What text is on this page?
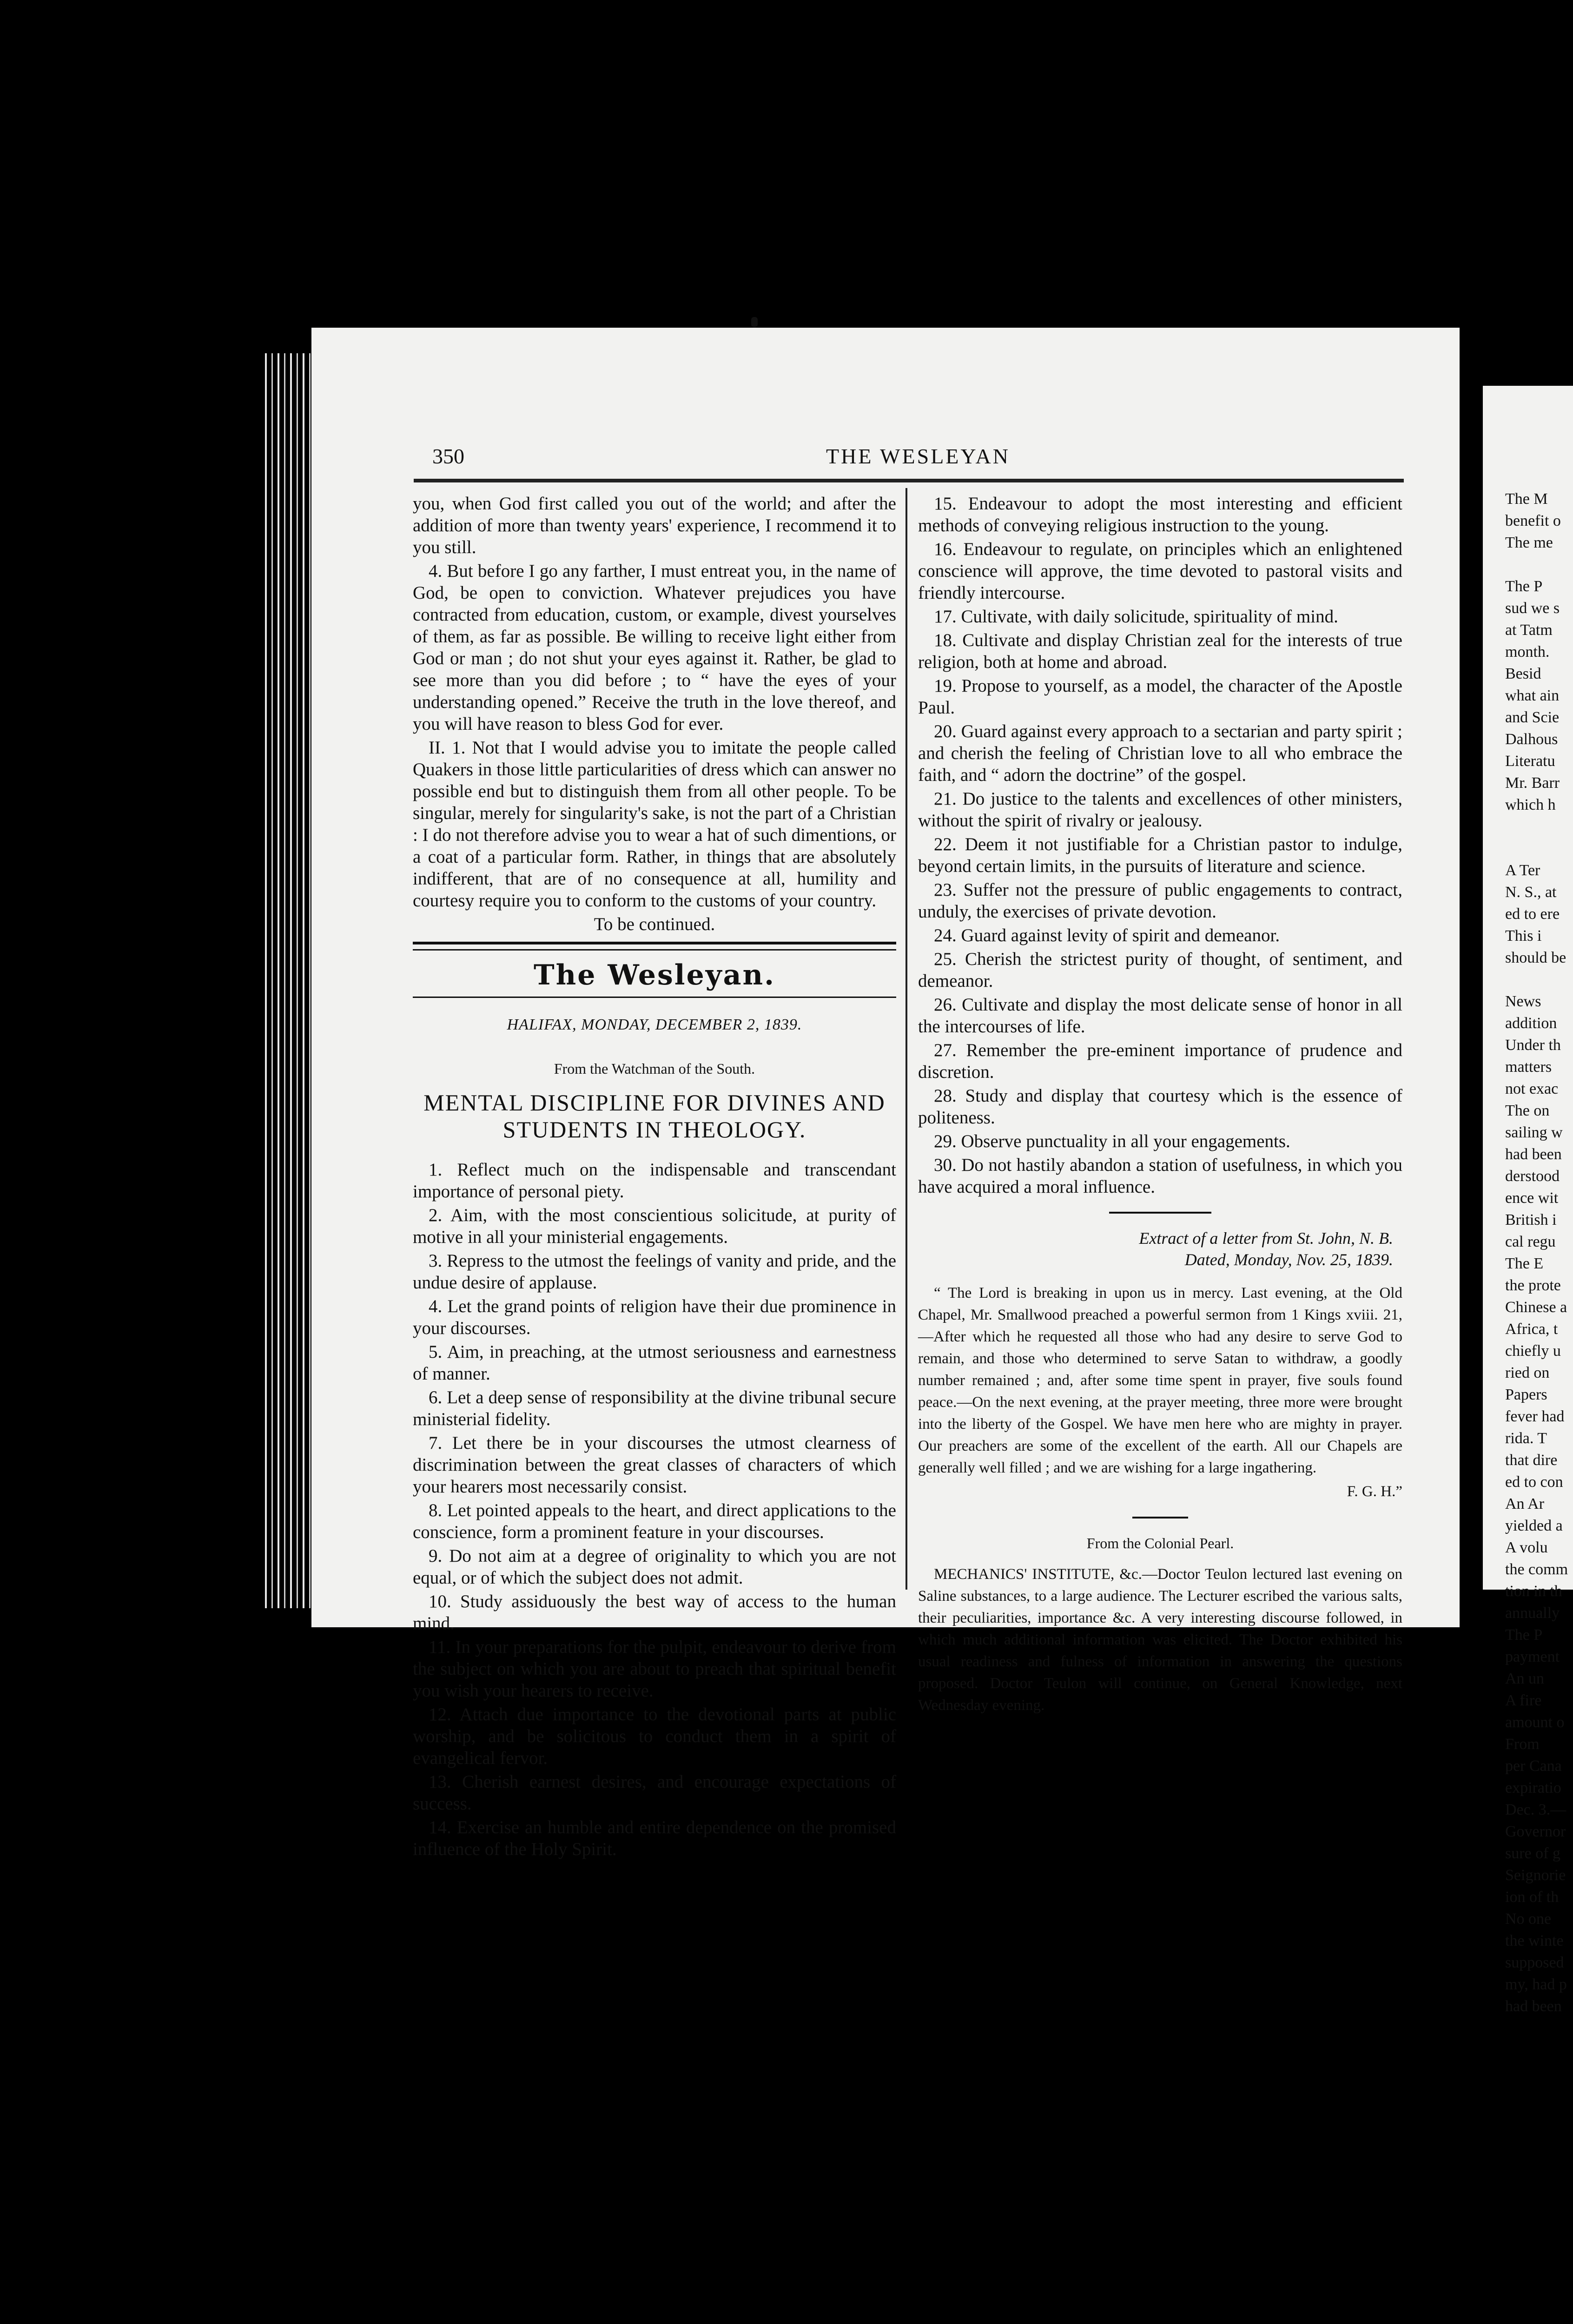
The M
benefit o
The me

The P
sud we s
at Tatm
month.
Besid
what ain
and Scie
Dalhous
Literatu
Mr. Barr
which h

A Ter
N. S., at
ed to ere
This i
should be

News
addition
Under th
matters
not exac
The on
sailing w
had been
derstood
ence wit
British i
cal regu
The E
the prote
Chinese a
Africa, t
chiefly u
ried on
Papers
fever had
rida. T
that dire
ed to con
An Ar
yielded a
A volu
the comm
tion in th
annually
The P
payment
An un
A fire
amount o
From
per Cana
expiratio
Dec. 3.—
Governor
sure of g
Seignorie
ion of th
No one
the winte
supposed
my, had p
had been
350	THE WESLEYAN

you, when God first called you out of the world; and after the addition of more than twenty years' experience, I recommend it to you still.

4. But before I go any farther, I must entreat you, in the name of God, be open to conviction. Whatever prejudices you have contracted from education, custom, or example, divest yourselves of them, as far as possible. Be willing to receive light either from God or man ; do not shut your eyes against it. Rather, be glad to see more than you did before ; to “ have the eyes of your understanding opened.” Receive the truth in the love thereof, and you will have reason to bless God for ever.

II. 1. Not that I would advise you to imitate the people called Quakers in those little particularities of dress which can answer no possible end but to distinguish them from all other people. To be singular, merely for singularity's sake, is not the part of a Christian : I do not therefore advise you to wear a hat of such dimentions, or a coat of a particular form. Rather, in things that are absolutely indifferent, that are of no consequence at all, humility and courtesy require you to conform to the customs of your country.

To be continued.

The Wesleyan.
HALIFAX, MONDAY, DECEMBER 2, 1839.
From the Watchman of the South.
MENTAL DISCIPLINE FOR DIVINES AND
STUDENTS IN THEOLOGY.

1. Reflect much on the indispensable and transcendant importance of personal piety.

2. Aim, with the most conscientious solicitude, at purity of motive in all your ministerial engagements.

3. Repress to the utmost the feelings of vanity and pride, and the undue desire of applause.

4. Let the grand points of religion have their due prominence in your discourses.

5. Aim, in preaching, at the utmost seriousness and earnestness of manner.

6. Let a deep sense of responsibility at the divine tribunal secure ministerial fidelity.

7. Let there be in your discourses the utmost clearness of discrimination between the great classes of characters of which your hearers most necessarily consist.

8. Let pointed appeals to the heart, and direct applications to the conscience, form a prominent feature in your discourses.

9. Do not aim at a degree of originality to which you are not equal, or of which the subject does not admit.

10. Study assiduously the best way of access to the human mind.

11. In your preparations for the pulpit, endeavour to derive from the subject on which you are about to preach that spiritual benefit you wish your hearers to receive.

12. Attach due importance to the devotional parts at public worship, and be solicitous to conduct them in a spirit of evangelical fervor.

13. Cherish earnest desires, and encourage expectations of success.

14. Exercise an humble and entire dependence on the promised influence of the Holy Spirit.

15. Endeavour to adopt the most interesting and efficient methods of conveying religious instruction to the young.

16. Endeavour to regulate, on principles which an enlightened conscience will approve, the time devoted to pastoral visits and friendly intercourse.

17. Cultivate, with daily solicitude, spirituality of mind.

18. Cultivate and display Christian zeal for the interests of true religion, both at home and abroad.

19. Propose to yourself, as a model, the character of the Apostle Paul.

20. Guard against every approach to a sectarian and party spirit ; and cherish the feeling of Christian love to all who embrace the faith, and “ adorn the doctrine” of the gospel.

21. Do justice to the talents and excellences of other ministers, without the spirit of rivalry or jealousy.

22. Deem it not justifiable for a Christian pastor to indulge, beyond certain limits, in the pursuits of literature and science.

23. Suffer not the pressure of public engagements to contract, unduly, the exercises of private devotion.

24. Guard against levity of spirit and demeanor.

25. Cherish the strictest purity of thought, of sentiment, and demeanor.

26. Cultivate and display the most delicate sense of honor in all the intercourses of life.

27. Remember the pre-eminent importance of prudence and discretion.

28. Study and display that courtesy which is the essence of politeness.

29. Observe punctuality in all your engagements.

30. Do not hastily abandon a station of usefulness, in which you have acquired a moral influence.

Extract of a letter from St. John, N. B.
Dated, Monday, Nov. 25, 1839.

“ The Lord is breaking in upon us in mercy. Last evening, at the Old Chapel, Mr. Smallwood preached a powerful sermon from 1 Kings xviii. 21,—After which he requested all those who had any desire to serve God to remain, and those who determined to serve Satan to withdraw, a goodly number remained ; and, after some time spent in prayer, five souls found peace.—On the next evening, at the prayer meeting, three more were brought into the liberty of the Gospel. We have men here who are mighty in prayer. Our preachers are some of the excellent of the earth. All our Chapels are generally well filled ; and we are wishing for a large ingathering.

F. G. H.”

From the Colonial Pearl.

MECHANICS' INSTITUTE, &c.—Doctor Teulon lectured last evening on Saline substances, to a large audience. The Lecturer escribed the various salts, their peculiarities, importance &c. A very interesting discourse followed, in which much additional information was elicited. The Doctor exhibited his usual readiness and fulness of information in answering the questions proposed. Doctor Teulon will continue, on General Knowledge, next Wednesday evening.
